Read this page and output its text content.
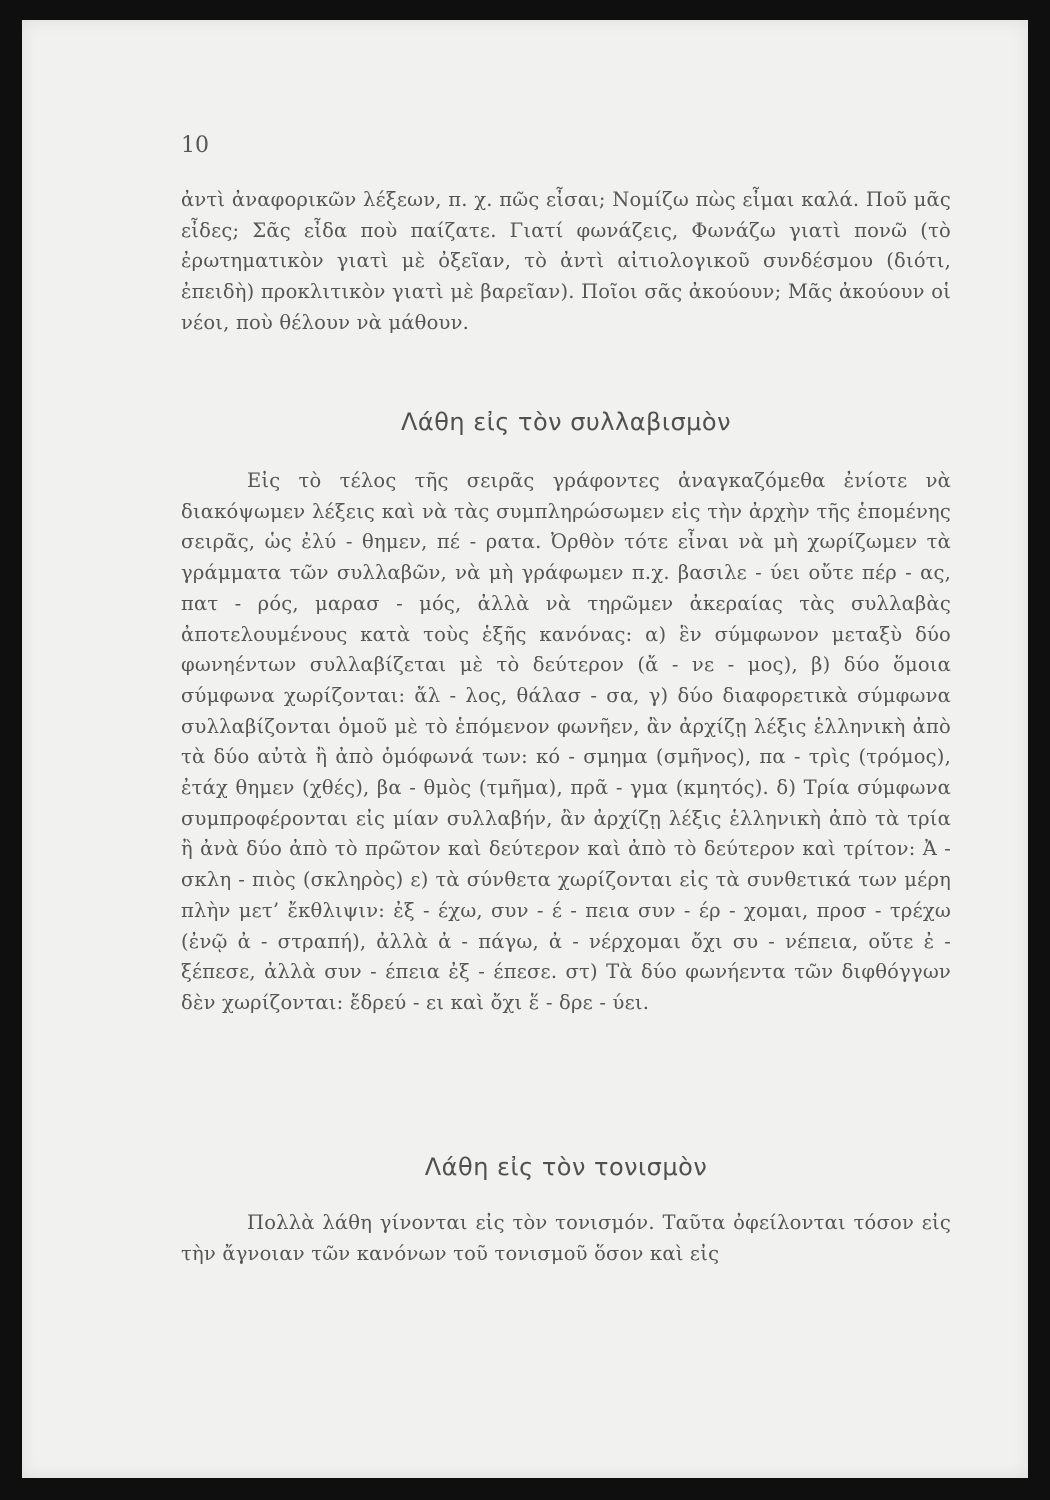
10

ἀντὶ ἀναφορικῶν λέξεων, π. χ. πῶς εἶσαι; Νομίζω πὼς εἶμαι καλά. Ποῦ μᾶς εἶδες; Σᾶς εἶδα ποὺ παίζατε. Γιατί φωνάζεις, Φωνάζω γιατὶ πονῶ (τὸ ἐρωτηματικὸν γιατὶ μὲ ὀξεῖαν, τὸ ἀντὶ αἰτιολογικοῦ συνδέσμου (διότι, ἐπειδὴ) προκλιτικὸν γιατὶ μὲ βαρεῖαν). Ποῖοι σᾶς ἀκούουν; Μᾶς ἀκούουν οἱ νέοι, ποὺ θέλουν νὰ μάθουν.

Λάθη εἰς τὸν συλλαβισμὸν

Εἰς τὸ τέλος τῆς σειρᾶς γράφοντες ἀναγκαζόμεθα ἐνίοτε νὰ διακόψωμεν λέξεις καὶ νὰ τὰς συμπληρώσωμεν εἰς τὴν ἀρχὴν τῆς ἑπομένης σειρᾶς, ὡς ἐλύ - θημεν, πέ - ρατα. Ὀρθὸν τότε εἶναι νὰ μὴ χωρίζωμεν τὰ γράμματα τῶν συλλαβῶν, νὰ μὴ γράφωμεν π.χ. βασιλε - ύει οὔτε πέρ - ας, πατ - ρός, μαρασ - μός, ἀλλὰ νὰ τηρῶμεν ἀκεραίας τὰς συλλαβὰς ἀποτελουμένους κατὰ τοὺς ἑξῆς κανόνας: α) ἓν σύμφωνον μεταξὺ δύο φωνηέντων συλλαβίζεται μὲ τὸ δεύτερον (ἄ - νε - μος), β) δύο ὅμοια σύμφωνα χωρίζονται: ἄλ - λος, θάλασ - σα, γ) δύο διαφορετικὰ σύμφωνα συλλαβίζονται ὁμοῦ μὲ τὸ ἑπόμενον φωνῆεν, ἂν ἀρχίζῃ λέξις ἑλληνικὴ ἀπὸ τὰ δύο αὐτὰ ἢ ἀπὸ ὁμόφωνά των: κό - σμημα (σμῆνος), πα - τρὶς (τρόμος), ἐτάχ θημεν (χθές), βα - θμὸς (τμῆμα), πρᾶ - γμα (κμητός). δ) Τρία σύμφωνα συμπροφέρονται εἰς μίαν συλλαβήν, ἂν ἀρχίζῃ λέξις ἑλληνικὴ ἀπὸ τὰ τρία ἢ ἀνὰ δύο ἀπὸ τὸ πρῶτον καὶ δεύτερον καὶ ἀπὸ τὸ δεύτερον καὶ τρίτον: Ἀ - σκλη - πιὸς (σκληρὸς) ε) τὰ σύνθετα χωρίζονται εἰς τὰ συνθετικά των μέρη πλὴν μετ’ ἔκθλιψιν: ἐξ - έχω, συν - έ - πεια συν - έρ - χομαι, προσ - τρέχω (ἐνῷ ἀ - στραπή), ἀλλὰ ἀ - πάγω, ἀ - νέρχομαι ὄχι συ - νέπεια, οὔτε ἐ - ξέπεσε, ἀλλὰ συν - έπεια ἐξ - έπεσε. στ) Τὰ δύο φωνήεντα τῶν διφθόγγων δὲν χωρίζονται: ἔδρεύ - ει καὶ ὄχι ἕ - δρε - ύει.

Λάθη εἰς τὸν τονισμὸν

Πολλὰ λάθη γίνονται εἰς τὸν τονισμόν. Ταῦτα ὀφείλονται τόσον εἰς τὴν ἄγνοιαν τῶν κανόνων τοῦ τονισμοῦ ὅσον καὶ εἰς
